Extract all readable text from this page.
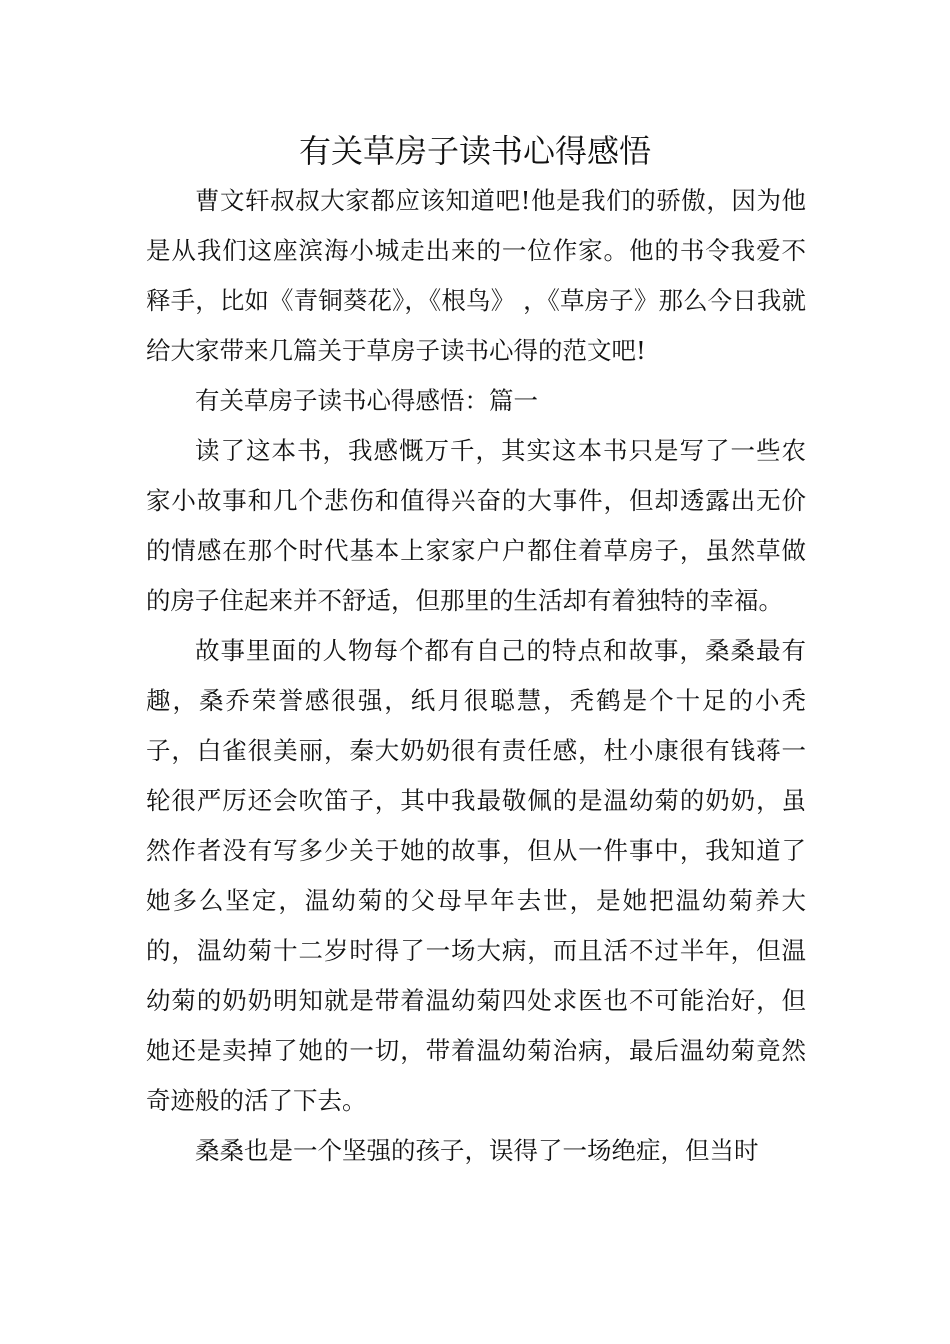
有关草房子读书心得感悟

曹文轩叔叔大家都应该知道吧!他是我们的骄傲，因为他是从我们这座滨海小城走出来的一位作家。他的书令我爱不释手，比如《青铜葵花》，《根鸟》 ，《草房子》那么今日我就给大家带来几篇关于草房子读书心得的范文吧!

有关草房子读书心得感悟：篇一

读了这本书，我感慨万千，其实这本书只是写了一些农家小故事和几个悲伤和值得兴奋的大事件，但却透露出无价的情感在那个时代基本上家家户户都住着草房子，虽然草做的房子住起来并不舒适，但那里的生活却有着独特的幸福。

故事里面的人物每个都有自己的特点和故事，桑桑最有趣，桑乔荣誉感很强，纸月很聪慧，秃鹤是个十足的小秃子，白雀很美丽，秦大奶奶很有责任感，杜小康很有钱蒋一轮很严厉还会吹笛子，其中我最敬佩的是温幼菊的奶奶，虽然作者没有写多少关于她的故事，但从一件事中，我知道了她多么坚定，温幼菊的父母早年去世，是她把温幼菊养大的，温幼菊十二岁时得了一场大病，而且活不过半年，但温幼菊的奶奶明知就是带着温幼菊四处求医也不可能治好，但她还是卖掉了她的一切，带着温幼菊治病，最后温幼菊竟然奇迹般的活了下去。

桑桑也是一个坚强的孩子，误得了一场绝症，但当时
